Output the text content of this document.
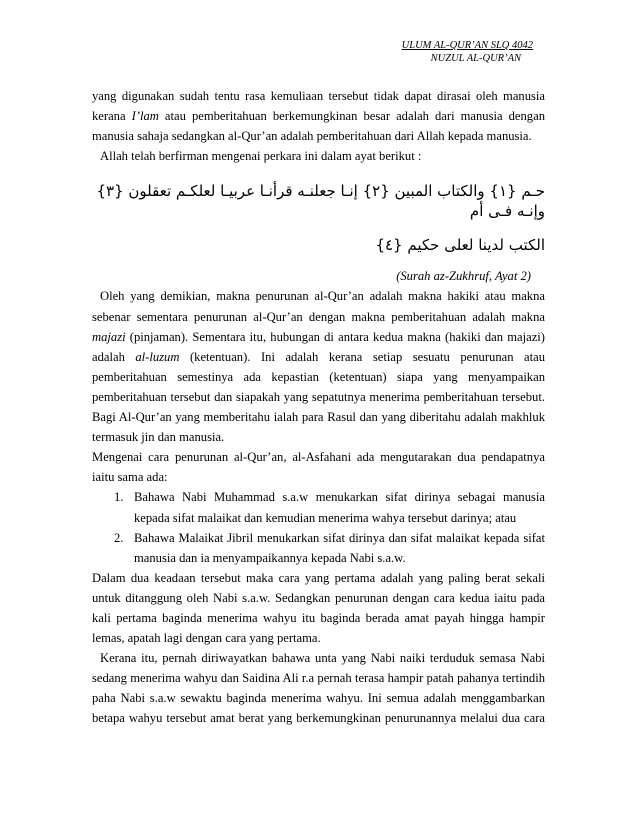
ULUM AL-QUR’AN SLQ 4042
NUZUL AL-QUR’AN

yang digunakan sudah tentu rasa kemuliaan tersebut tidak dapat dirasai oleh manusia kerana I’lam atau pemberitahuan berkemungkinan besar adalah dari manusia dengan manusia sahaja sedangkan al-Qur’an adalah pemberitahuan dari Allah kepada manusia.

Allah telah berfirman mengenai perkara ini dalam ayat berikut :

حـم {١} والكتاب المبين {٢} إنـا جعلنـه قرأنـا عربيـا لعلكـم تعقلون {٣} وإنـه فـى أم
الكتب لدينا لعلى حكيم {٤}
(Surah az-Zukhruf, Ayat 2)

Oleh yang demikian, makna penurunan al-Qur’an adalah makna hakiki atau makna sebenar sementara penurunan al-Qur’an dengan makna pemberitahuan adalah makna majazi (pinjaman). Sementara itu, hubungan di antara kedua makna (hakiki dan majazi) adalah al-luzum (ketentuan). Ini adalah kerana setiap sesuatu penurunan atau pemberitahuan semestinya ada kepastian (ketentuan) siapa yang menyampaikan pemberitahuan tersebut dan siapakah yang sepatutnya menerima pemberitahuan tersebut. Bagi Al-Qur’an yang memberitahu ialah para Rasul dan yang diberitahu adalah makhluk termasuk jin dan manusia.

Mengenai cara penurunan al-Qur’an, al-Asfahani ada mengutarakan dua pendapatnya iaitu sama ada:

1. Bahawa Nabi Muhammad s.a.w menukarkan sifat dirinya sebagai manusia kepada sifat malaikat dan kemudian menerima wahya tersebut darinya; atau
2. Bahawa Malaikat Jibril menukarkan sifat dirinya dan sifat malaikat kepada sifat manusia dan ia menyampaikannya kepada Nabi s.a.w.

Dalam dua keadaan tersebut maka cara yang pertama adalah yang paling berat sekali untuk ditanggung oleh Nabi s.a.w. Sedangkan penurunan dengan cara kedua iaitu pada kali pertama baginda menerima wahyu itu baginda berada amat payah hingga hampir lemas, apatah lagi dengan cara yang pertama.

Kerana itu, pernah diriwayatkan bahawa unta yang Nabi naiki terduduk semasa Nabi sedang menerima wahyu dan Saidina Ali r.a pernah terasa hampir patah pahanya tertindih paha Nabi s.a.w sewaktu baginda menerima wahyu. Ini semua adalah menggambarkan betapa wahyu tersebut amat berat yang berkemungkinan penurunannya melalui dua cara
